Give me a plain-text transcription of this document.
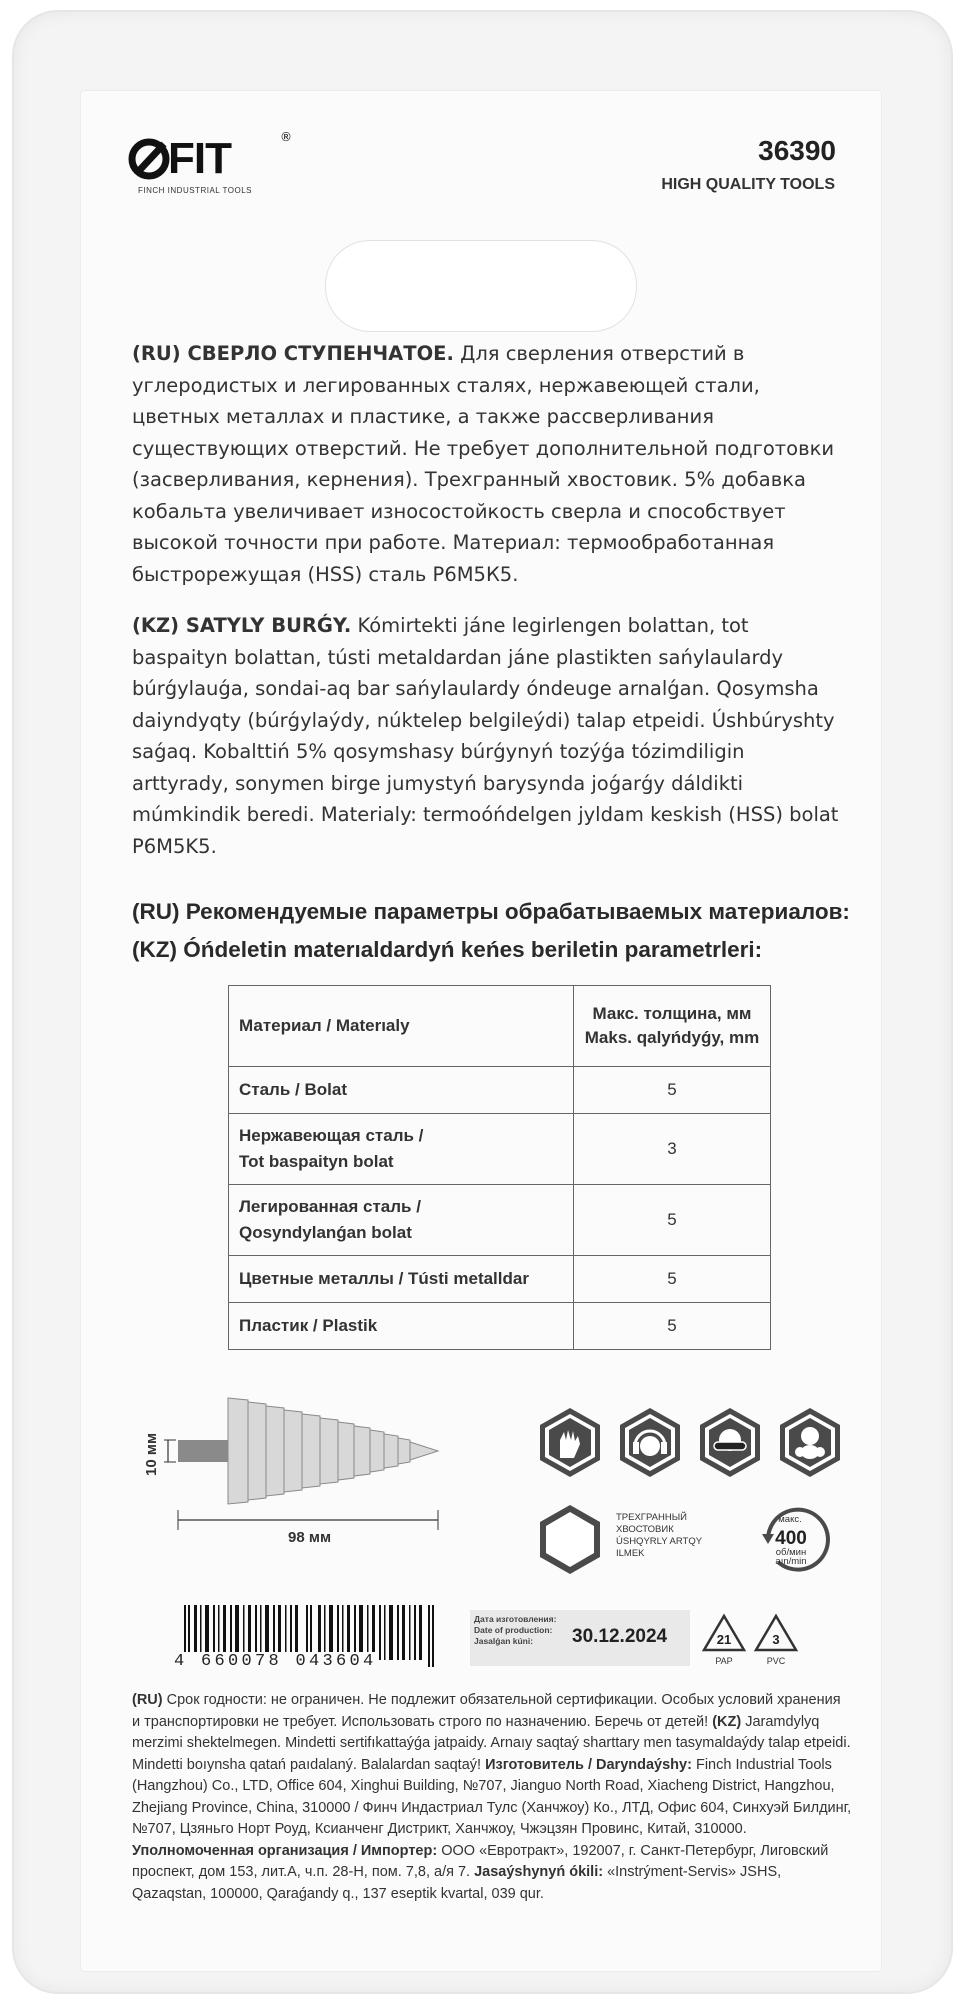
FIT	®
FINCH INDUSTRIAL TOOLS
36390
HIGH QUALITY TOOLS
(RU) СВЕРЛО СТУПЕНЧАТОЕ. Для сверления отверстий в углеродистых и легированных сталях, нержавеющей стали, цветных металлах и пластике, а также рассверливания существующих отверстий. Не требует дополнительной подготовки (засверливания, кернения). Трехгранный хвостовик. 5% добавка кобальта увеличивает износостойкость сверла и способствует высокой точности при работе. Материал: термообработанная быстрорежущая (HSS) сталь Р6М5К5.
(KZ) SATYLY BURǴY. Kómirtekti jáne legirlengen bolattan, tot baspaityn bolattan, tústi metaldardan jáne plastikten sańylaulardy búrǵylauǵa, sondai-aq bar sańylaulardy óndeuge arnalǵan. Qosymsha daiyndyqty (búrǵylaýdy, núktelep belgileýdi) talap etpeidi. Úshbúryshty saǵaq. Kobalttiń 5% qosymshasy búrǵynyń tozýǵa tózimdiligin arttyrady, sonymen birge jumystyń barysynda joǵarǵy dáldikti múmkindik beredi. Materialy: termoóńdelgen jyldam keskish (HSS) bolat P6M5K5.
(RU) Рекомендуемые параметры обрабатываемых материалов:
(KZ) Óńdeletin materıaldardyń keńes beriletin parametrleri:
Материал / Materıaly	Макс. толщина, мм
Maks. qalyńdyǵy, mm

Сталь / Bolat	5

Нержавеющая сталь /
Tot baspaityn bolat	3

Легированная сталь /
Qosyndylanǵan bolat	5
Цветные металлы / Tústi metalldar	5
Пластик / Plastik	5
10 мм
98 мм
ТРЕХГРАННЫЙ
ХВОСТОВИК
ÚSHQYRLY ARTQY
ILMEK
макс.
400
об/мин
aın/min
4 660078 043604
Дата изготовления:
Date of production:
Jasalǵan kúni:	30.12.2024	21
PAP
3
PVC
(RU) Срок годности: не ограничен. Не подлежит обязательной сертификации. Особых условий хранения и транспортировки не требует. Использовать строго по назначению. Беречь от детей! (KZ) Jaramdylyq merzimi shektelmegen. Mindetti sertifıkattaýǵa jatpaidy. Arnaıy saqtaý sharttary men tasymaldaýdy talap etpeidi. Mindetti boıynsha qatań paıdalaný. Balalardan saqtaý! Изготовитель / Daryndaýshy: Finch Industrial Tools (Hangzhou) Co., LTD, Office 604, Xinghui Building, №707, Jianguo North Road, Xiacheng District, Hangzhou, Zhejiang Province, China, 310000 / Финч Индастриал Тулс (Ханчжоу) Ко., ЛТД, Офис 604, Синхуэй Билдинг, №707, Цзяньго Норт Роуд, Ксианченг Дистрикт, Ханчжоу, Чжэцзян Провинс, Китай, 310000. Уполномоченная организация / Импортер: ООО «Евротракт», 192007, г. Санкт-Петербург, Лиговский проспект, дом 153, лит.А, ч.п. 28-Н, пом. 7,8, а/я 7. Jasaýshynyń ókili: «Instrýment-Servis» JSHS, Qazaqstan, 100000, Qaraǵandy q., 137 eseptik kvartal, 039 qur.
